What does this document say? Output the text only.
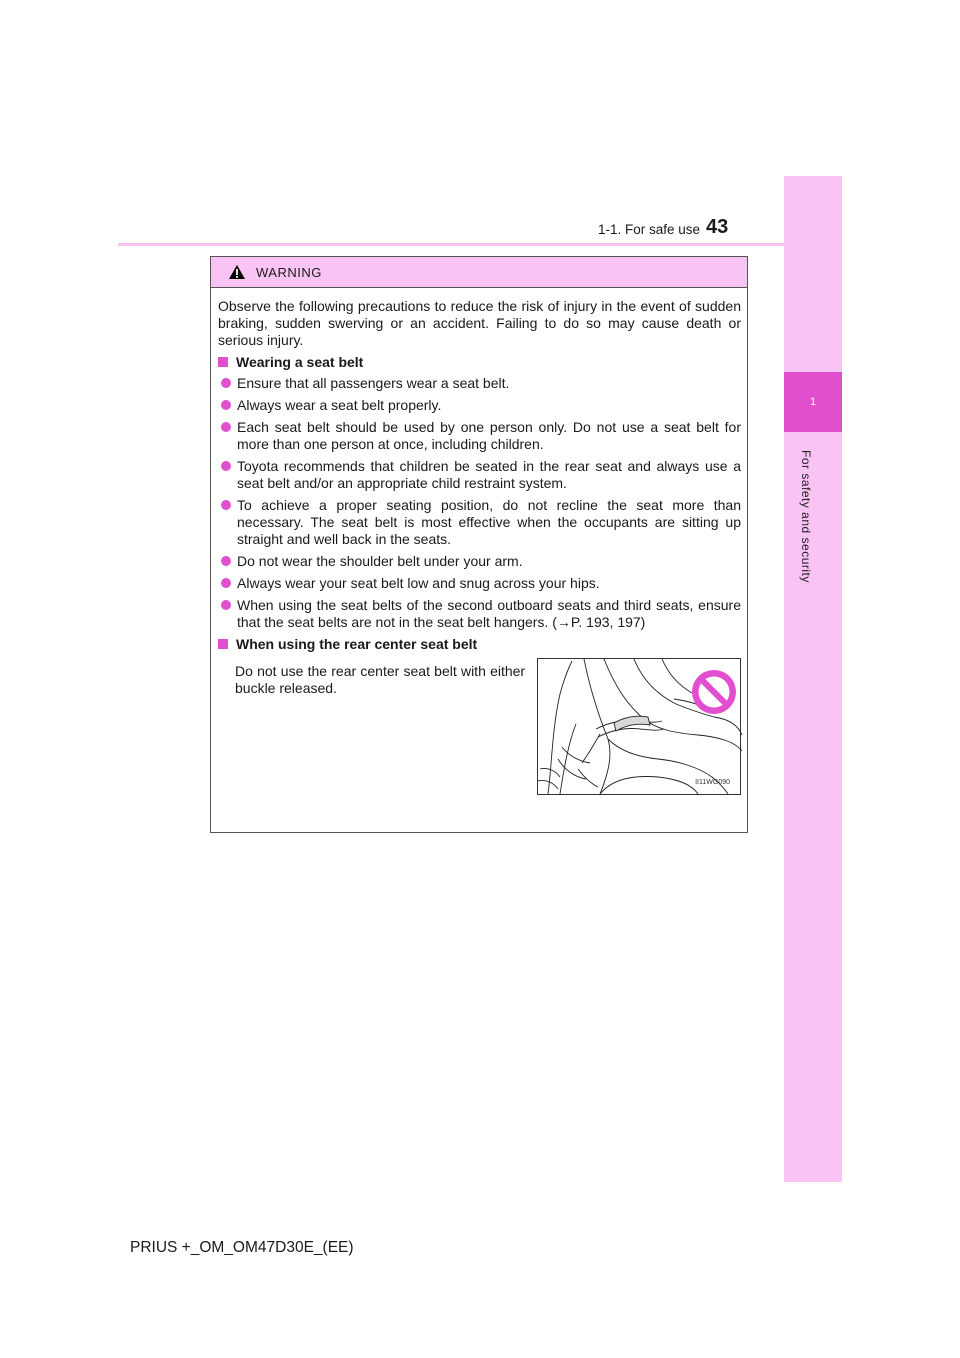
1
For safety and security
1-1. For safe use 43
WARNING

Observe the following precautions to reduce the risk of injury in the event of sudden braking, sudden swerving or an accident. Failing to do so may cause death or serious injury.

Wearing a seat belt
Ensure that all passengers wear a seat belt.
Always wear a seat belt properly.
Each seat belt should be used by one person only. Do not use a seat belt for more than one person at once, including children.
Toyota recommends that children be seated in the rear seat and always use a seat belt and/or an appropriate child restraint system.
To achieve a proper seating position, do not recline the seat more than necessary. The seat belt is most effective when the occupants are sitting up straight and well back in the seats.
Do not wear the shoulder belt under your arm.
Always wear your seat belt low and snug across your hips.
When using the seat belts of the second outboard seats and third seats, ensure that the seat belts are not in the seat belt hangers. (→P. 193, 197)
When using the rear center seat belt

Do not use the rear center seat belt with either buckle released.

II11WG090
PRIUS +_OM_OM47D30E_(EE)
